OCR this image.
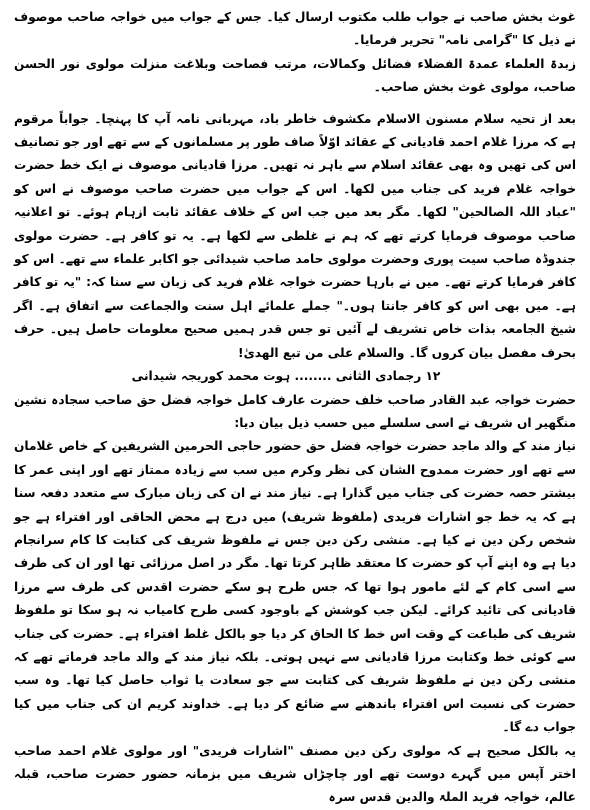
غوث بخش صاحب نے جواب طلب مکتوب ارسال کیا۔ جس کے جواب میں خواجہ صاحب موصوف نے ذیل کا "گرامی نامہ" تحریر فرمایا۔

زبدۃ العلماء عمدۃ الفضلاء فضائل وکمالات، مرتب فصاحت وبلاغت منزلت مولوی نور الحسن صاحب، مولوی غوث بخش صاحب۔

بعد از تحیہ سلام مسنون الاسلام مکشوف خاطر باد، مہربانی نامہ آپ کا پہنچا۔ جواباً مرقوم ہے کہ مرزا غلام احمد قادیانی کے عقائد اوّلاً صاف طور پر مسلمانوں کے سے تھے اور جو تصانیف اس کی تھیں وہ بھی عقائد اسلام سے باہر نہ تھیں۔ مرزا قادیانی موصوف نے ایک خط حضرت خواجہ غلام فرید کی جناب میں لکھا۔ اس کے جواب میں حضرت صاحب موصوف نے اس کو "عباد اللہ الصالحین" لکھا۔ مگر بعد میں جب اس کے خلاف عقائد ثابت ازہام ہوئے۔ تو اعلانیہ صاحب موصوف فرمایا کرتے تھے کہ ہم نے غلطی سے لکھا ہے۔ یہ تو کافر ہے۔ حضرت مولوی جندوڈہ صاحب سیت پوری وحضرت مولوی حامد صاحب شیدائی جو اکابر علماء سے تھے۔ اس کو کافر فرمایا کرتے تھے۔ میں نے بارہا حضرت خواجہ غلام فرید کی زبان سے سنا کہ: "یہ تو کافر ہے۔ میں بھی اس کو کافر جانتا ہوں۔" جملے علمائے اہل سنت والجماعت سے اتفاق ہے۔ اگر شیخ الجامعہ بذات خاص تشریف لے آئیں تو جس قدر ہمیں صحیح معلومات حاصل ہیں۔ حرف بحرف مفصل بیان کروں گا۔ والسلام علی من تبع الھدیٰ!

١٢ رجمادی الثانی ........ ہوت محمد کوریجہ شیدانی

حضرت خواجہ عبد القادر صاحب خلف حضرت عارف کامل خواجہ فضل حق صاحب سجادہ نشین منگھیر اں شریف نے اسی سلسلے میں حسب ذیل بیان دیا:

نیاز مند کے والد ماجد حضرت خواجہ فضل حق حضور حاجی الحرمین الشریفین کے خاص غلامان سے تھے اور حضرت ممدوح الشان کی نظر وکرم میں سب سے زیادہ ممتاز تھے اور اپنی عمر کا بیشتر حصہ حضرت کی جناب میں گذارا ہے۔ نیاز مند نے ان کی زبان مبارک سے متعدد دفعہ سنا ہے کہ یہ خط جو اشارات فریدی (ملفوظ شریف) میں درج ہے محض الحاقی اور افتراء ہے جو شخص رکن دین نے کیا ہے۔ منشی رکن دین جس نے ملفوظ شریف کی کتابت کا کام سرانجام دیا ہے وہ اپنے آپ کو حضرت کا معتقد ظاہر کرتا تھا۔ مگر در اصل مرزائی تھا اور ان کی طرف سے اسی کام کے لئے مامور ہوا تھا کہ جس طرح ہو سکے حضرت اقدس کی طرف سے مرزا قادیانی کی تائید کرائے۔ لیکن جب کوشش کے باوجود کسی طرح کامیاب نہ ہو سکا تو ملفوظ شریف کی طباعت کے وقت اس خط کا الحاق کر دیا جو بالکل غلط افتراء ہے۔ حضرت کی جناب سے کوئی خط وکتابت مرزا قادیانی سے نہیں ہوتی۔ بلکہ نیاز مند کے والد ماجد فرماتے تھے کہ منشی رکن دین نے ملفوظ شریف کی کتابت سے جو سعادت یا ثواب حاصل کیا تھا۔ وہ سب حضرت کی نسبت اس افتراء باندھنے سے ضائع کر دیا ہے۔ خداوند کریم ان کی جناب میں کیا جواب دے گا۔

یہ بالکل صحیح ہے کہ مولوی رکن دین مصنف "اشارات فریدی" اور مولوی غلام احمد صاحب اختر آپس میں گہرے دوست تھے اور چاچڑاں شریف میں بزمانہ حضور حضرت صاحب، قبلہ عالم، خواجہ فرید الملۃ والدین قدس سرہ
